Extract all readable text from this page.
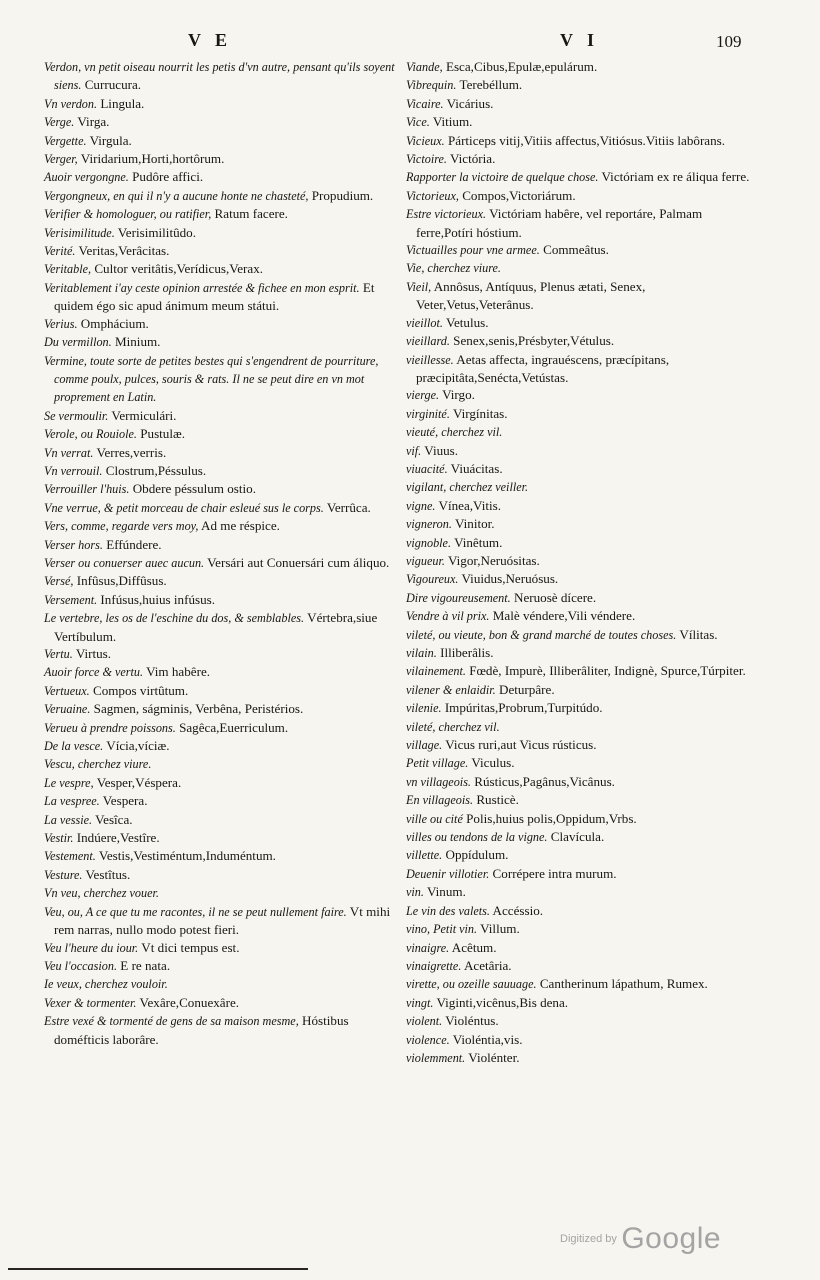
VE	VI	109

Verdon, vn petit oiseau nourrit les petis d'vn autre, pensant qu'ils soyent siens. Currucura.

Vn verdon. Lingula.

Verge. Virga.

Vergette. Virgula.

Verger, Viridarium,Horti,hortôrum.

Auoir vergongne. Pudôre affici.

Vergongneux, en qui il n'y a aucune honte ne chasteté, Propudium.

Verifier & homologuer, ou ratifier, Ratum facere.

Verisimilitude. Verisimilitûdo.

Verité. Veritas,Verâcitas.

Veritable, Cultor veritâtis,Verídicus,Verax.

Veritablement i'ay ceste opinion arrestée & fichee en mon esprit. Et quidem égo sic apud ánimum meum státui.

Verius. Omphácium.

Du vermillon. Minium.

Vermine, toute sorte de petites bestes qui s'engendrent de pourriture, comme poulx, pulces, souris & rats. Il ne se peut dire en vn mot proprement en Latin.

Se vermoulir. Vermiculári.

Verole, ou Rouiole. Pustulæ.

Vn verrat. Verres,verris.

Vn verrouil. Clostrum,Péssulus.

Verrouiller l'huis. Obdere péssulum ostio.

Vne verrue, & petit morceau de chair esleué sus le corps. Verrûca.

Vers, comme, regarde vers moy, Ad me réspice.

Verser hors. Effúndere.

Verser ou conuerser auec aucun. Versári aut Conuersári cum áliquo.

Versé, Infûsus,Diffûsus.

Versement. Infúsus,huius infúsus.

Le vertebre, les os de l'eschine du dos, & semblables. Vértebra,siue Vertíbulum.

Vertu. Virtus.

Auoir force & vertu. Vim habêre.

Vertueux. Compos virtûtum.

Veruaine. Sagmen, ságminis, Verbêna, Peristérios.

Verueu à prendre poissons. Sagêca,Euerriculum.

De la vesce. Vícia,víciæ.

Vescu, cherchez viure.

Le vespre, Vesper,Véspera.

La vespree. Vespera.

La vessie. Vesîca.

Vestir. Indúere,Vestîre.

Vestement. Vestis,Vestiméntum,Induméntum.

Vesture. Vestîtus.

Vn veu, cherchez vouer.

Veu, ou, A ce que tu me racontes, il ne se peut nullement faire. Vt mihi rem narras, nullo modo potest fieri.

Veu l'heure du iour. Vt dici tempus est.

Veu l'occasion. E re nata.

Ie veux, cherchez vouloir.

Vexer & tormenter. Vexâre,Conuexâre.

Estre vexé & tormenté de gens de sa maison mesme, Hóstibus doméfticis laborâre.

Viande, Esca,Cibus,Epulæ,epulárum.

Vibrequin. Terebéllum.

Vicaire. Vicárius.

Vice. Vitium.

Vicieux. Párticeps vitij,Vitiis affectus,Vitiósus.Vitiis labôrans.

Victoire. Victória.

Rapporter la victoire de quelque chose. Victóriam ex re áliqua ferre.

Victorieux, Compos,Victoriárum.

Estre victorieux. Victóriam habêre, vel reportáre, Palmam ferre,Potíri hóstium.

Victuailles pour vne armee. Commeâtus.

Vie, cherchez viure.

Vieil, Annôsus, Antíquus, Plenus ætati, Senex, Veter,Vetus,Veterânus.

vieillot. Vetulus.

vieillard. Senex,senis,Présbyter,Vétulus.

vieillesse. Aetas affecta, ingrauéscens, præcípitans, præcipitâta,Senécta,Vetústas.

vierge. Virgo.

virginité. Virgínitas.

vieuté, cherchez vil.

vif. Viuus.

viuacité. Viuácitas.

vigilant, cherchez veiller.

vigne. Vínea,Vitis.

vigneron. Vinitor.

vignoble. Vinêtum.

vigueur. Vigor,Neruósitas.

Vigoureux. Viuidus,Neruósus.

Dire vigoureusement. Neruosè dícere.

Vendre à vil prix. Malè véndere,Vili véndere.

vileté, ou vieute, bon & grand marché de toutes choses. Vílitas.

vilain. Illiberâlis.

vilainement. Fœdè, Impurè, Illiberâliter, Indignè, Spurce,Túrpiter.

vilener & enlaidir. Deturpâre.

vilenie. Impúritas,Probrum,Turpitúdo.

vileté, cherchez vil.

village. Vicus ruri,aut Vicus rústicus.

Petit village. Viculus.

vn villageois. Rústicus,Pagânus,Vicânus.

En villageois. Rusticè.

ville ou cité Polis,huius polis,Oppidum,Vrbs.

villes ou tendons de la vigne. Clavícula.

villette. Oppídulum.

Deuenir villotier. Corrépere intra murum.

vin. Vinum.

Le vin des valets. Accéssio.

vino, Petit vin. Villum.

vinaigre. Acêtum.

vinaigrette. Acetâria.

virette, ou ozeille sauuage. Cantherinum lápathum, Rumex.

vingt. Viginti,vicênus,Bis dena.

violent. Violéntus.

violence. Violéntia,vis.

violemment. Violénter.

Digitized by Google
